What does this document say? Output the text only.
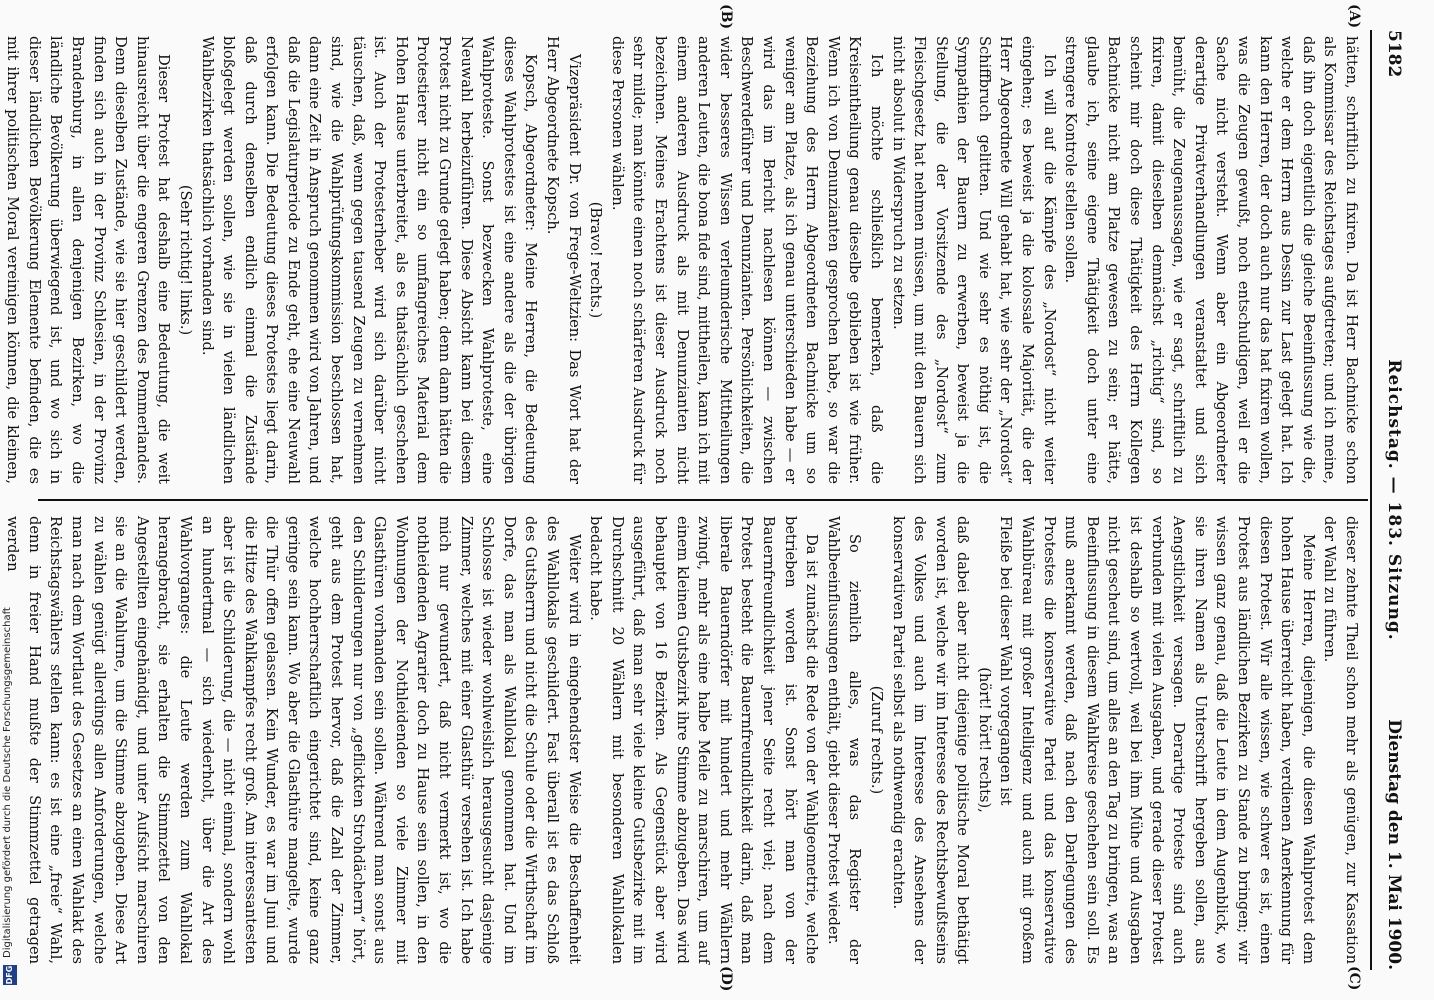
5182
Reichstag. — 183. Sitzung.
Dienstag den 1. Mai 1900.
(A)
(B)
(C)
(D)

hätten, schriftlich zu fixiren. Da ist Herr Bachnicke schon als Kommissar des Reichstages aufgetreten; und ich meine, daß ihn doch eigentlich die gleiche Beeinflussung wie die, welche er dem Herrn aus Dessin zur Last gelegt hat. Ich kann den Herren, der doch auch nur das hat fixiren wollen, was die Zeugen gewußt, noch entschuldigen, weil er die Sache nicht versteht. Wenn aber ein Abgeordneter derartige Privatverhandlungen veranstaltet und sich bemüht, die Zeugenaussagen, wie er sagt, schriftlich zu fixiren, damit dieselben demnächst „richtig“ sind, so scheint mir doch diese Thätigkeit des Herrn Kollegen Bachnicke nicht am Platze gewesen zu sein; er hätte, glaube ich, seine eigene Thätigkeit doch unter eine strengere Kontrole stellen sollen.

Ich will auf die Kämpfe des „Nordost“ nicht weiter eingehen; es beweist ja die kolossale Majorität, die der Herr Abgeordnete Will gehabt hat, wie sehr der „Nordost“ Schiffbruch gelitten. Und wie sehr es nöthig ist, die Sympathien der Bauern zu erwerben, beweist ja die Stellung, die der Vorsitzende des „Nordost“ zum Fleischgesetz hat nehmen müssen, um mit den Bauern sich nicht absolut in Widerspruch zu setzen.

Ich möchte schließlich bemerken, daß die Kreiseintheilung genau dieselbe geblieben ist wie früher. Wenn ich von Denunzianten gesprochen habe, so war die Beziehung des Herrn Abgeordneten Bachnicke um so weniger am Platze, als ich genau unterschieden habe — er wird das im Bericht nachlesen können — zwischen Beschwerdeführer und Denunzianten. Persönlichkeiten, die wider besseres Wissen verleumderische Mittheilungen anderen Leuten, die bona fide sind, mittheilen, kann ich mit einem anderen Ausdruck als mit Denunzianten nicht bezeichnen. Meines Erachtens ist dieser Ausdruck noch sehr milde; man könnte einen noch schärferen Ausdruck für diese Personen wählen.

(Bravo! rechts.)

Vizepräsident Dr. von Frege-Weltzien: Das Wort hat der Herr Abgeordnete Kopsch.

Kopsch, Abgeordneter: Meine Herren, die Bedeutung dieses Wahlprotestes ist eine andere als die der übrigen Wahlproteste. Sonst bezwecken Wahlproteste, eine Neuwahl herbeizuführen. Diese Absicht kann bei diesem Protest nicht zu Grunde gelegt haben; denn dann hätten die Protestierer nicht ein so umfangreiches Material dem Hohen Hause unterbreitet, als es thatsächlich geschehen ist. Auch der Protesterheber wird sich darüber nicht täuschen, daß, wenn gegen tausend Zeugen zu vernehmen sind, wie die Wahlprüfungskommission beschlossen hat, dann eine Zeit in Anspruch genommen wird von Jahren, und daß die Legislaturperiode zu Ende geht, ehe eine Neuwahl erfolgen kann. Die Bedeutung dieses Protestes liegt darin, daß durch denselben endlich einmal die Zustände bloßgelegt werden sollen, wie sie in vielen ländlichen Wahlbezirken thatsächlich vorhanden sind.

(Sehr richtig! links.)

Dieser Protest hat deshalb eine Bedeutung, die weit hinausreicht über die engeren Grenzen des Pommerlandes. Denn dieselben Zustände, wie sie hier geschildert werden, finden sich auch in der Provinz Schlesien, in der Provinz Brandenburg, in allen denjenigen Bezirken, wo die ländliche Bevölkerung überwiegend ist, und wo sich in dieser ländlichen Bevölkerung Elemente befinden, die es mit ihrer politischen Moral vereinigen können, die kleinen,

dieser zehnte Theil schon mehr als genügen, zur Kassation der Wahl zu führen.

Meine Herren, diejenigen, die diesen Wahlprotest dem hohen Hause überreicht haben, verdienen Anerkennung für diesen Protest. Wir alle wissen, wie schwer es ist, einen Protest aus ländlichen Bezirken zu Stande zu bringen; wir wissen ganz genau, daß die Leute in dem Augenblick, wo sie ihren Namen als Unterschrift hergeben sollen, aus Aengstlichkeit versagen. Derartige Proteste sind auch verbunden mit vielen Ausgaben, und gerade dieser Protest ist deshalb so wertvoll, weil bei ihm Mühe und Ausgaben nicht gescheut sind, um alles an den Tag zu bringen, was an Beeinflussung in diesem Wahlkreise geschehen sein soll. Es muß anerkannt werden, daß nach den Darlegungen des Protestes die konservative Partei und das konservative Wahlbüreau mit großer Intelligenz und auch mit großem Fleiße bei dieser Wahl vorgegangen ist

(hört! hört! rechts),

daß dabei aber nicht diejenige politische Moral bethätigt worden ist, welche wir im Interesse des Rechtsbewußtseins des Volkes und auch im Interesse des Ansehens der konservativen Partei selbst als nothwendig erachten.

(Zuruf rechts.)

So ziemlich alles, was das Register der Wahlbeeinflussungen enthält, giebt dieser Protest wieder.

Da ist zunächst die Rede von der Wahlgeometrie, welche betrieben worden ist. Sonst hört man von der Bauernfreundlichkeit jener Seite recht viel; nach dem Protest besteht die Bauernfreundlichkeit darin, daß man liberale Bauerndörfer mit hundert und mehr Wählern zwingt, mehr als eine halbe Meile zu marschiren, um auf einem kleinen Gutsbezirk ihre Stimme abzugeben. Das wird behauptet von 16 Bezirken. Als Gegenstück aber wird ausgeführt, daß man sehr viele kleine Gutsbezirke mit im Durchschnitt 20 Wählern mit besonderen Wahllokalen bedacht habe.

Weiter wird in eingehendster Weise die Beschaffenheit des Wahllokals geschildert. Fast überall ist es das Schloß des Gutsherrn und nicht die Schule oder die Wirthschaft im Dorfe, das man als Wahllokal genommen hat. Und im Schlosse ist wieder wohlweislich herausgesucht dasjenige Zimmer, welches mit einer Glasthür versehen ist. Ich habe mich nur gewundert, daß nicht vermerkt ist, wo die nothleidenden Agrarier doch zu Hause sein sollen, in den Wohnungen der Nothleidenden so viele Zimmer mit Glasthüren vorhanden sein sollen. Während man sonst aus den Schilderungen nur von „geflickten Strohdächern“ hört, geht aus dem Protest hervor, daß die Zahl der Zimmer, welche hochherrschaftlich eingerichtet sind, keine ganz geringe sein kann. Wo aber die Glasthüre mangelte, wurde die Thür offen gelassen. Kein Wunder, es war im Juni und die Hitze des Wahlkampfes recht groß. Am interessantesten aber ist die Schilderung, die — nicht einmal, sondern wohl an hundertmal — sich wiederholt, über die Art des Wahlvorganges: die Leute werden zum Wahllokal herangebracht, sie erhalten die Stimmzettel von den Angestellten eingehändigt, und unter Aufsicht marschiren sie an die Wahlurne, um die Stimme abzugeben. Diese Art zu wählen genügt allerdings allen Anforderungen, welche man nach dem Wortlaut des Gesetzes an einen Wahlakt des Reichstagswählers stellen kann: es ist eine „freie“ Wahl, denn in freier Hand mußte der Stimmzettel getragen werden

Digitalisierung gefördert durch die Deutsche Forschungsgemeinschaft
DFG
